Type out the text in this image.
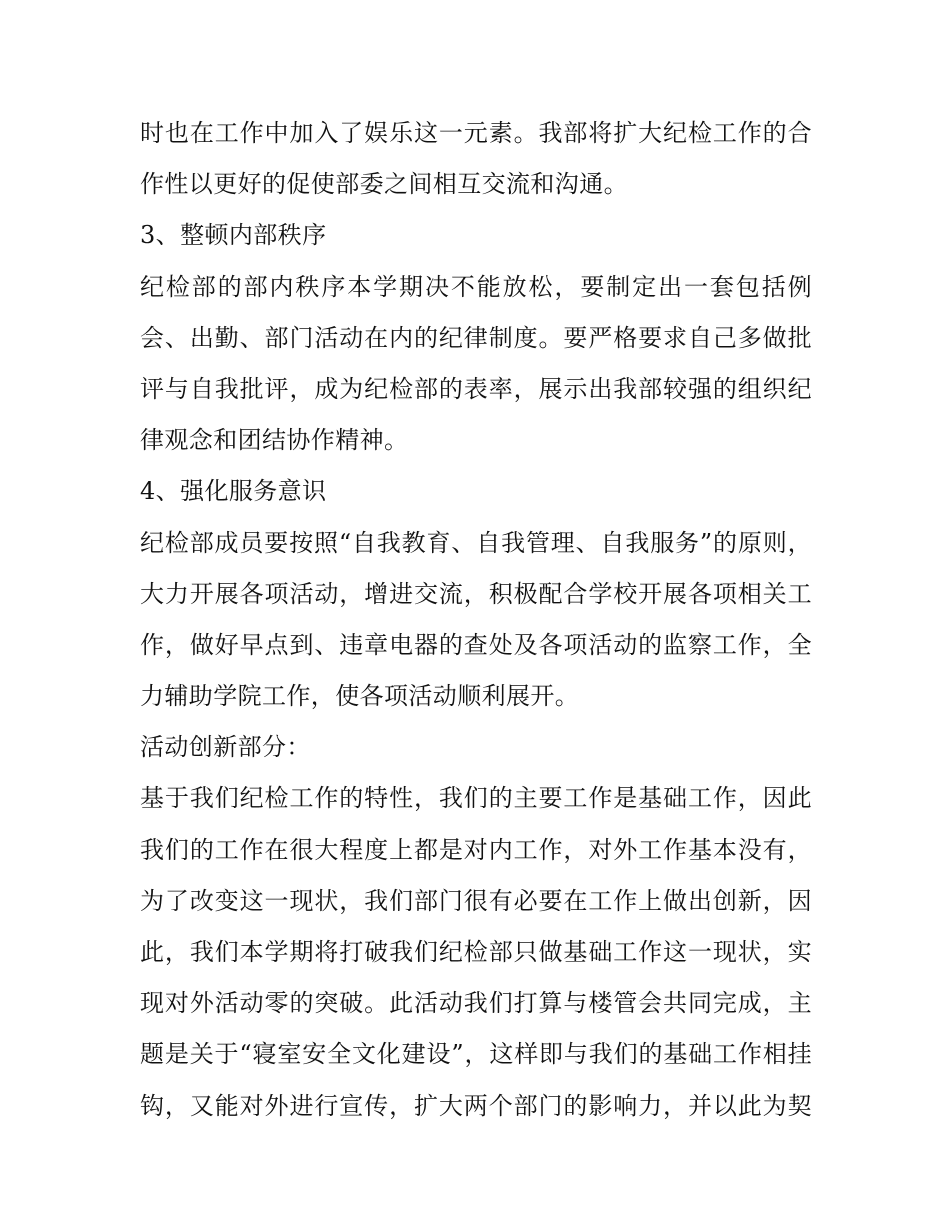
时也在工作中加入了娱乐这一元素。我部将扩大纪检工作的合
作性以更好的促使部委之间相互交流和沟通。
3、整顿内部秩序
纪检部的部内秩序本学期决不能放松，要制定出一套包括例
会、出勤、部门活动在内的纪律制度。要严格要求自己多做批
评与自我批评，成为纪检部的表率，展示出我部较强的组织纪
律观念和团结协作精神。
4、强化服务意识
纪检部成员要按照“自我教育、自我管理、自我服务”的原则，
大力开展各项活动，增进交流，积极配合学校开展各项相关工
作，做好早点到、违章电器的查处及各项活动的监察工作，全
力辅助学院工作，使各项活动顺利展开。
活动创新部分：
基于我们纪检工作的特性，我们的主要工作是基础工作，因此
我们的工作在很大程度上都是对内工作，对外工作基本没有，
为了改变这一现状，我们部门很有必要在工作上做出创新，因
此，我们本学期将打破我们纪检部只做基础工作这一现状，实
现对外活动零的突破。此活动我们打算与楼管会共同完成，主
题是关于“寝室安全文化建设”，这样即与我们的基础工作相挂
钩，又能对外进行宣传，扩大两个部门的影响力，并以此为契
